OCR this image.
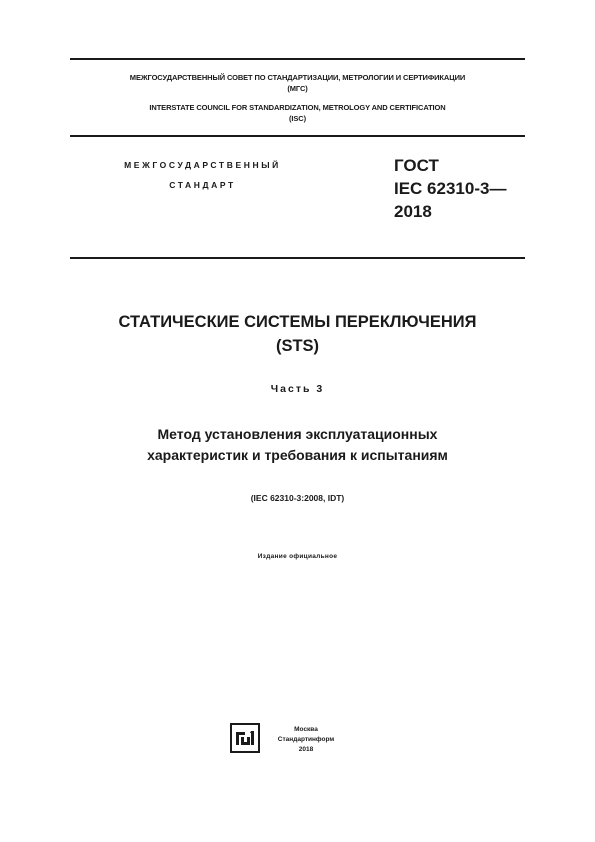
МЕЖГОСУДАРСТВЕННЫЙ СОВЕТ ПО СТАНДАРТИЗАЦИИ, МЕТРОЛОГИИ И СЕРТИФИКАЦИИ
(МГС)
INTERSTATE COUNCIL FOR STANDARDIZATION, METROLOGY AND CERTIFICATION
(ISC)
МЕЖГОСУДАРСТВЕННЫЙ
СТАНДАРТ
ГОСТ
IEC 62310-3—
2018
СТАТИЧЕСКИЕ СИСТЕМЫ ПЕРЕКЛЮЧЕНИЯ
(STS)
Часть 3
Метод установления эксплуатационных
характеристик и требования к испытаниям
(IEC 62310-3:2008, IDT)
Издание официальное
Москва
Стандартинформ
2018
